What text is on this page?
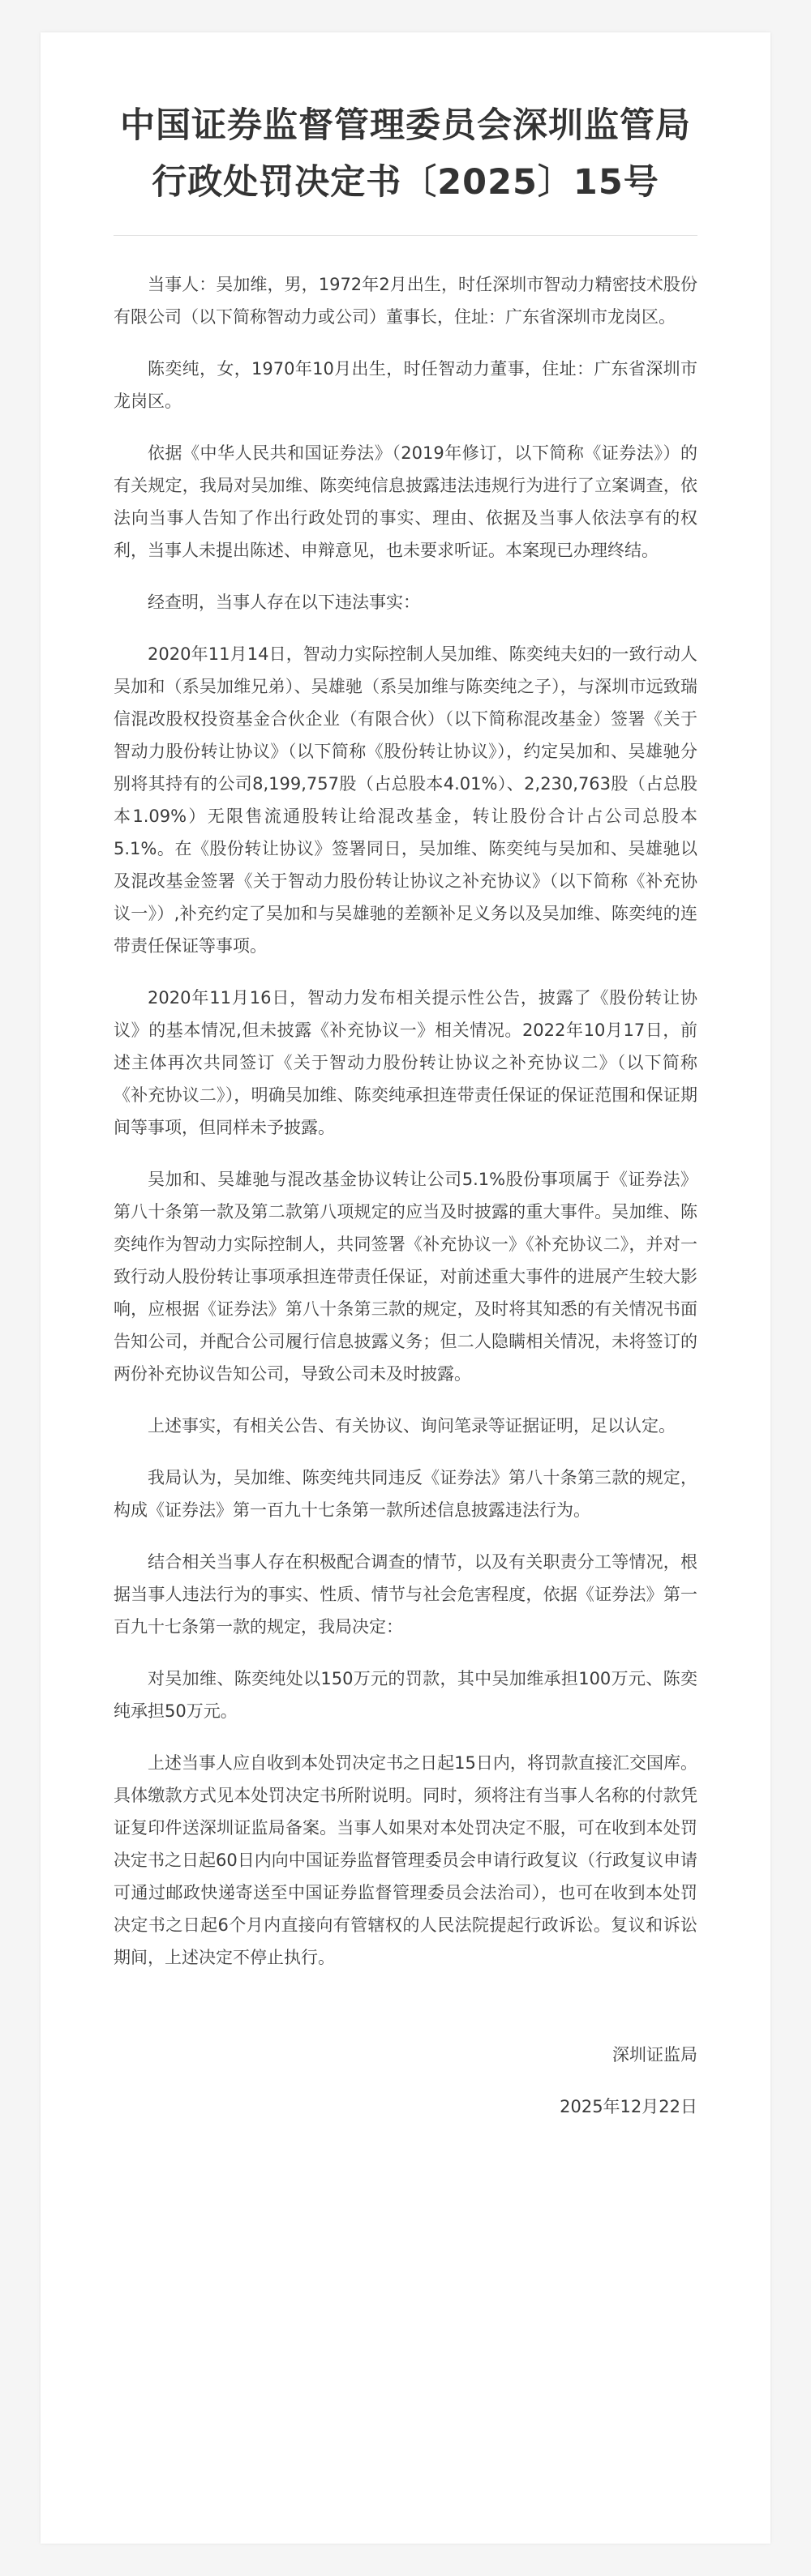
中国证券监督管理委员会深圳监管局
行政处罚决定书〔2025〕15号

当事人：吴加维，男，1972年2月出生，时任深圳市智动力精密技术股份有限公司（以下简称智动力或公司）董事长，住址：广东省深圳市龙岗区。

陈奕纯，女，1970年10月出生，时任智动力董事，住址：广东省深圳市龙岗区。

依据《中华人民共和国证券法》（2019年修订，以下简称《证券法》）的有关规定，我局对吴加维、陈奕纯信息披露违法违规行为进行了立案调查，依法向当事人告知了作出行政处罚的事实、理由、依据及当事人依法享有的权利，当事人未提出陈述、申辩意见，也未要求听证。本案现已办理终结。

经查明，当事人存在以下违法事实：

2020年11月14日，智动力实际控制人吴加维、陈奕纯夫妇的一致行动人吴加和（系吴加维兄弟）、吴雄驰（系吴加维与陈奕纯之子），与深圳市远致瑞信混改股权投资基金合伙企业（有限合伙）（以下简称混改基金）签署《关于智动力股份转让协议》（以下简称《股份转让协议》），约定吴加和、吴雄驰分别将其持有的公司8,199,757股（占总股本4.01%）、2,230,763股（占总股本1.09%）无限售流通股转让给混改基金，转让股份合计占公司总股本5.1%。在《股份转让协议》签署同日，吴加维、陈奕纯与吴加和、吴雄驰以及混改基金签署《关于智动力股份转让协议之补充协议》（以下简称《补充协议一》）,补充约定了吴加和与吴雄驰的差额补足义务以及吴加维、陈奕纯的连带责任保证等事项。

2020年11月16日，智动力发布相关提示性公告，披露了《股份转让协议》的基本情况,但未披露《补充协议一》相关情况。2022年10月17日，前述主体再次共同签订《关于智动力股份转让协议之补充协议二》（以下简称《补充协议二》），明确吴加维、陈奕纯承担连带责任保证的保证范围和保证期间等事项，但同样未予披露。

吴加和、吴雄驰与混改基金协议转让公司5.1%股份事项属于《证券法》第八十条第一款及第二款第八项规定的应当及时披露的重大事件。吴加维、陈奕纯作为智动力实际控制人，共同签署《补充协议一》《补充协议二》，并对一致行动人股份转让事项承担连带责任保证，对前述重大事件的进展产生较大影响，应根据《证券法》第八十条第三款的规定，及时将其知悉的有关情况书面告知公司，并配合公司履行信息披露义务；但二人隐瞒相关情况，未将签订的两份补充协议告知公司，导致公司未及时披露。

上述事实，有相关公告、有关协议、询问笔录等证据证明，足以认定。

我局认为，吴加维、陈奕纯共同违反《证券法》第八十条第三款的规定，构成《证券法》第一百九十七条第一款所述信息披露违法行为。

结合相关当事人存在积极配合调查的情节，以及有关职责分工等情况，根据当事人违法行为的事实、性质、情节与社会危害程度，依据《证券法》第一百九十七条第一款的规定，我局决定：

对吴加维、陈奕纯处以150万元的罚款，其中吴加维承担100万元、陈奕纯承担50万元。

上述当事人应自收到本处罚决定书之日起15日内，将罚款直接汇交国库。具体缴款方式见本处罚决定书所附说明。同时，须将注有当事人名称的付款凭证复印件送深圳证监局备案。当事人如果对本处罚决定不服，可在收到本处罚决定书之日起60日内向中国证券监督管理委员会申请行政复议（行政复议申请可通过邮政快递寄送至中国证券监督管理委员会法治司），也可在收到本处罚决定书之日起6个月内直接向有管辖权的人民法院提起行政诉讼。复议和诉讼期间，上述决定不停止执行。

深圳证监局

2025年12月22日
